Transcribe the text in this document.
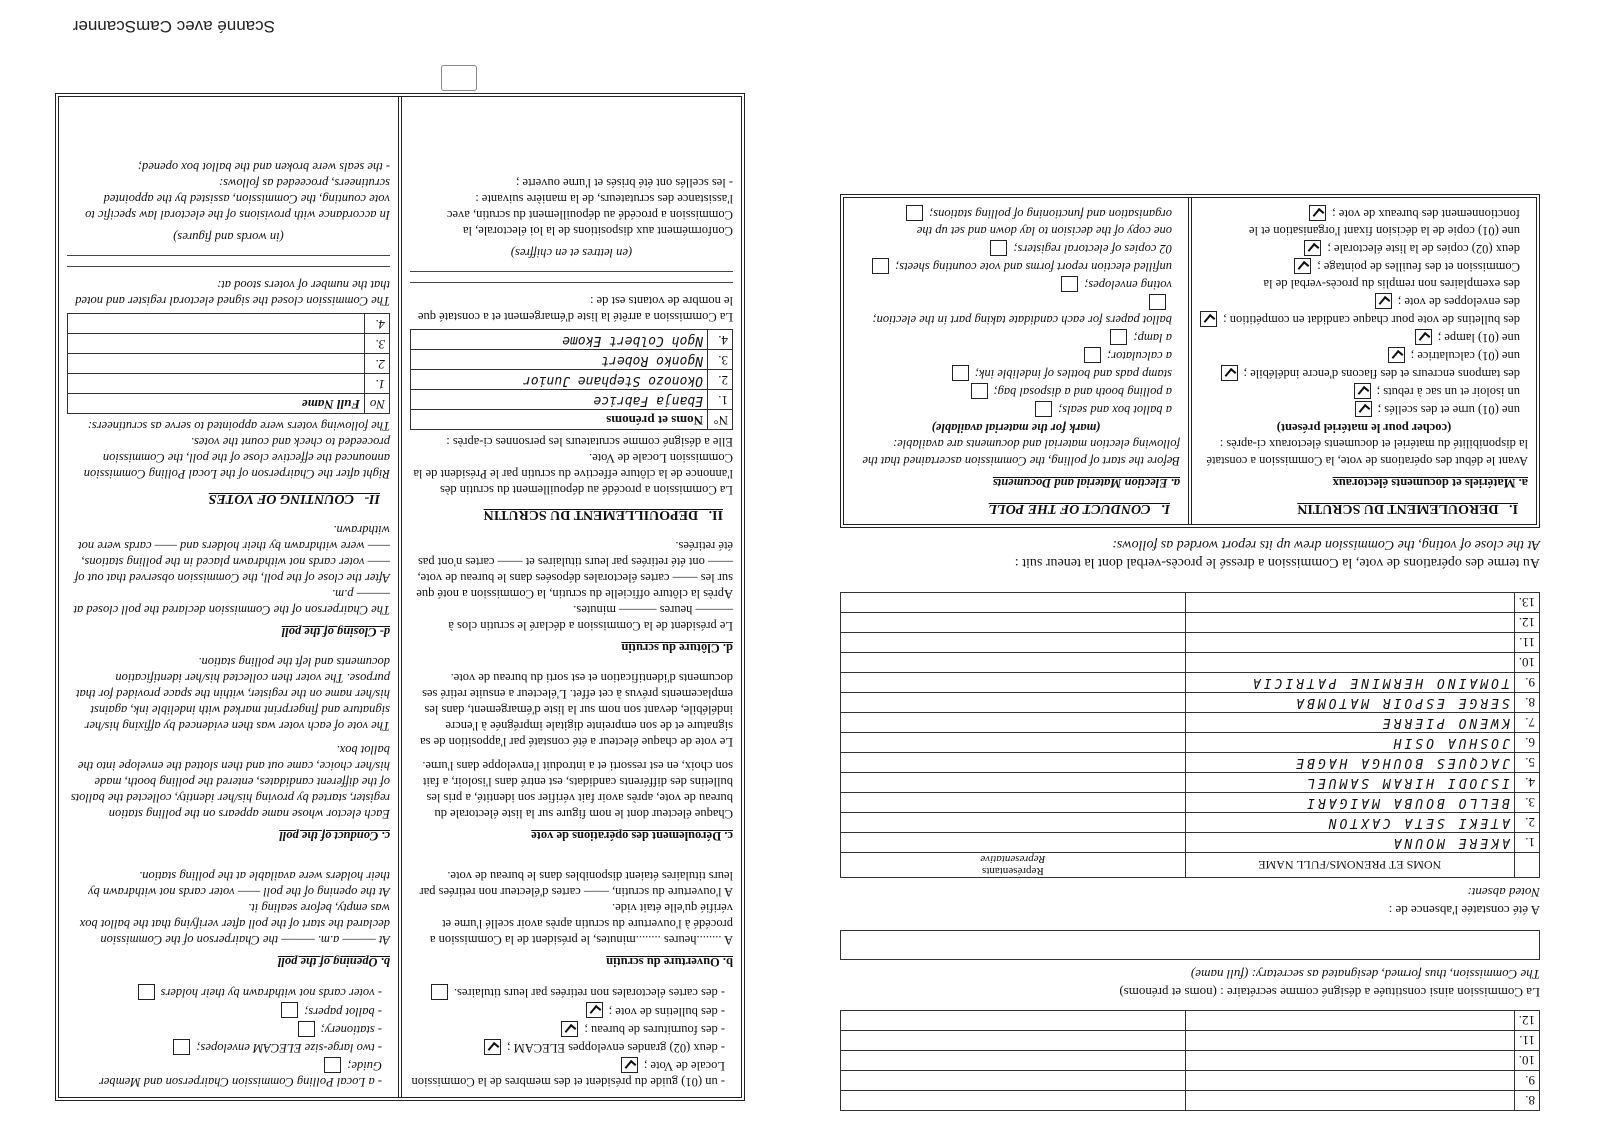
8.		
9.		
10.		
11.		
12.		

La Commission ainsi constituée a désigné comme secrétaire : (noms et prénoms)

The Commission, thus formed, designated as secretary: (full name)

A été constatée l'absence de :

Noted absent:

	NOMS ET PRENOMS/FULL NAME	Représentants
Representative

1.	AKERE MOUNA	
2.	ATEKI SETA CAXTON	
3.	BELLO BOUBA MAIGARI	
4.	ISJODI HIRAM SAMUEL	
5.	JACQUES BOUHGA HAGBE	
6.	JOSHUA OSIH	
7.	KWENO PIERRE	
8.	SERGE ESPOIR MATOMBA	
9.	TOMAINO HERMINE PATRICIA	
10.		
11.		
12.		
13.		

Au terme des opérations de vote, la Commission a dressé le procès-verbal dont la teneur suit :

At the close of voting, the Commission drew up its report worded as follows:

I.   DEROULEMENT DU SCRUTIN
a. Matériels et documents électoraux
Avant le début des opérations de vote, la Commission a constaté la disponibilité du matériel et documents électoraux ci-après :
(cocher pour le matériel présent)
une (01) urne et des scellés ;
un isoloir et un sac à rebuts ;
des tampons encreurs et des flacons d'encre indélébile ;
une (01) calculatrice ;
une (01) lampe ;
des bulletins de vote pour chaque candidat en compétition ;
des enveloppes de vote ;
des exemplaires non remplis du procès-verbal de la Commission et des feuilles de pointage ;
deux (02) copies de la liste électorale ;
une (01) copie de la décision fixant l'organisation et le fonctionnement des bureaux de vote ;
I.   CONDUCT OF THE POLL
a. Election Material and Documents
Before the start of polling, the Commission ascertained that the following election material and documents are available:
(mark for the material available)
a ballot box and seals;
a polling booth and a disposal bag;
stamp pads and bottles of indelible ink;
a calculator;
a lamp;
ballot papers for each candidate taking part in the election;
voting envelopes;
unfilled election report forms and vote counting sheets;
02 copies of electoral registers;
one copy of the decision to lay down and set up the organisation and functioning of polling stations;
- un (01) guide du président et des membres de la Commission Locale de Vote ;
- deux (02) grandes enveloppes ELECAM ;
- des fournitures de bureau ;
- des bulletins de vote ;
- des cartes électorales non retirées par leurs titulaires.
b. Ouverture du scrutin
A ........heures ........minutes, le président de la Commission a procédé à l'ouverture du scrutin après avoir scellé l'urne et vérifié qu'elle était vide.
A l'ouverture du scrutin, —— cartes d'électeur non retirées par leurs titulaires étaient disponibles dans le bureau de vote.
c. Déroulement des opérations de vote
Chaque électeur dont le nom figure sur la liste électorale du bureau de vote, après avoir fait vérifier son identité, a pris les bulletins des différents candidats, est entré dans l'isoloir, a fait son choix, en est ressorti et a introduit l'enveloppe dans l'urne.
Le vote de chaque électeur a été constaté par l'apposition de sa signature et de son empreinte digitale imprégnée à l'encre indélébile, devant son nom sur la liste d'émargement, dans les emplacements prévus à cet effet. L'électeur a ensuite retiré ses documents d'identification et est sorti du bureau de vote.
d. Clôture du scrutin
Le président de la Commission a déclaré le scrutin clos à ——— heures ——— minutes.
Après la clôture officielle du scrutin, la Commission a noté que sur les —— cartes électorales déposées dans le bureau de vote, —— ont été retirées par leurs titulaires et —— cartes n'ont pas été retirées.
II.   DEPOUILLEMENT DU SCRUTIN
La Commission a procédé au dépouillement du scrutin dès l'annonce de la clôture effective du scrutin par le Président de la Commission Locale de Vote.
Elle a désigné comme scrutateurs les personnes ci-après :
N°	Noms et prénoms
1.	Ebanja Fabrice
2.	Okonozo Stephane Junior
3.	Ngonko Robert
4.	Ngoh Colbert Ekome
La Commission a arrêté la liste d'émargement et a constaté que le nombre de votants est de :
(en lettres et en chiffres)
Conformément aux dispositions de la loi électorale, la Commission a procédé au dépouillement du scrutin, avec l'assistance des scrutateurs, de la manière suivante :
- les scellés ont été brisés et l'urne ouverte ;
- a Local Polling Commission Chairperson and Member Guide;
- two large-size ELECAM envelopes;
- stationery;
- ballot papers;
- voter cards not withdrawn by their holders
b. Opening of the poll
At ——— a.m. ——— the Chairperson of the Commission declared the start of the poll after verifying that the ballot box was empty, before sealing it.
At the opening of the poll —— voter cards not withdrawn by their holders were available at the polling station.
c. Conduct of the poll
Each elector whose name appears on the polling station register, started by proving his/her identity, collected the ballots of the different candidates, entered the polling booth, made his/her choice, came out and then slotted the envelope into the ballot box.
The vote of each voter was then evidenced by affixing his/her signature and fingerprint marked with indelible ink, against his/her name on the register, within the space provided for that purpose. The voter then collected his/her identification documents and left the polling station.
d- Closing of the poll
The Chairperson of the Commission declared the poll closed at ——— p.m.
After the close of the poll, the Commission observed that out of —— voter cards not withdrawn placed in the polling stations, —— were withdrawn by their holders and —— cards were not withdrawn.
II-   COUNTING OF VOTES
Right after the Chairperson of the Local Polling Commission announced the effective close of the poll, the Commission proceeded to check and count the votes.
The following voters were appointed to serve as scrutineers:
No	Full Name
1.	
2.	
3.	
4.	
The Commission closed the signed electoral register and noted that the number of voters stood at:
(in words and figures)
In accordance with provisions of the electoral law specific to vote counting, the Commission, assisted by the appointed scrutineers, proceeded as follows:
- the seals were broken and the ballot box opened;
Scanné avec CamScanner
